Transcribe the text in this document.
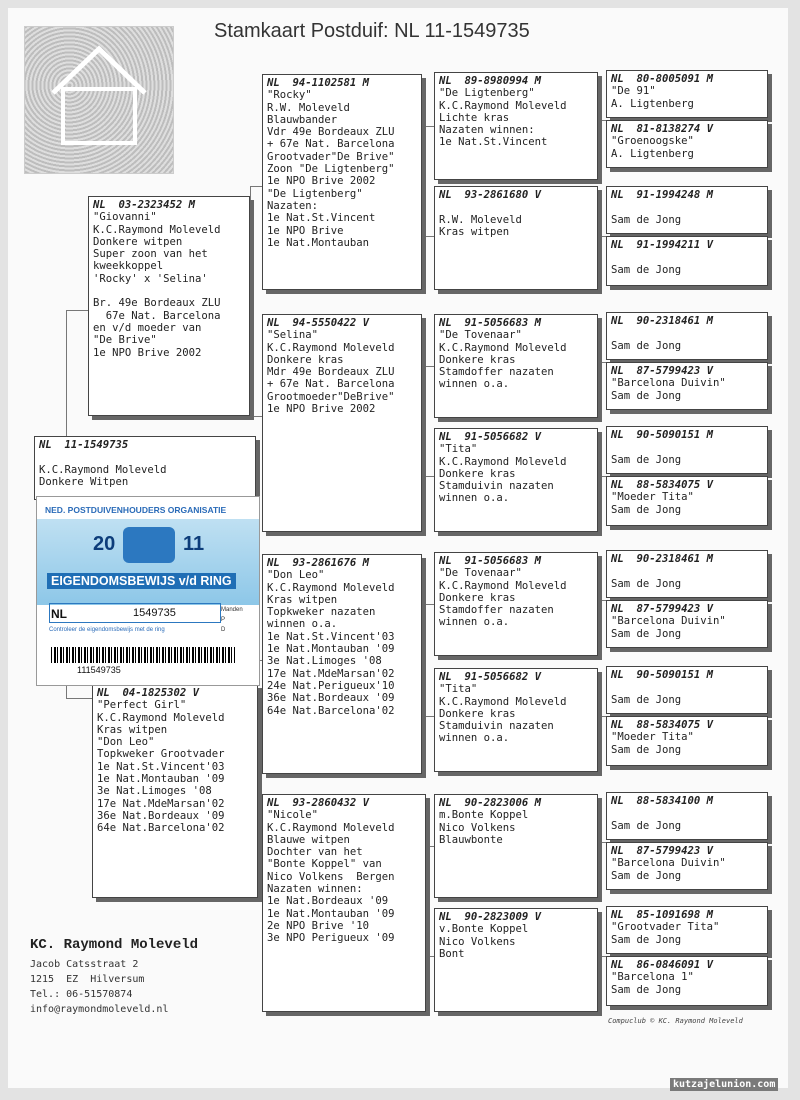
Stamkaart Postduif: NL 11-1549735
NL  11-1549735

K.C.Raymond Moleveld
Donkere Witpen
NL  03-2323452 M
"Giovanni"
K.C.Raymond Moleveld
Donkere witpen
Super zoon van het
kweekkoppel
'Rocky' x 'Selina'

Br. 49e Bordeaux ZLU
67e Nat. Barcelona
en v/d moeder van
"De Brive"
1e NPO Brive 2002
NL  04-1825302 V
"Perfect Girl"
K.C.Raymond Moleveld
Kras witpen
"Don Leo"
Topkweker Grootvader
1e Nat.St.Vincent'03
1e Nat.Montauban '09
3e Nat.Limoges '08
17e Nat.MdeMarsan'02
36e Nat.Bordeaux '09
64e Nat.Barcelona'02
NL  94-1102581 M
"Rocky"
R.W. Moleveld
Blauwbander
Vdr 49e Bordeaux ZLU
+ 67e Nat. Barcelona
Grootvader"De Brive"
Zoon "De Ligtenberg"
1e NPO Brive 2002
"De Ligtenberg"
Nazaten:
1e Nat.St.Vincent
1e NPO Brive
1e Nat.Montauban
NL  94-5550422 V
"Selina"
K.C.Raymond Moleveld
Donkere kras
Mdr 49e Bordeaux ZLU
+ 67e Nat. Barcelona
Grootmoeder"DeBrive"
1e NPO Brive 2002
NL  93-2861676 M
"Don Leo"
K.C.Raymond Moleveld
Kras witpen
Topkweker nazaten
winnen o.a.
1e Nat.St.Vincent'03
1e Nat.Montauban '09
3e Nat.Limoges '08
17e Nat.MdeMarsan'02
24e Nat.Perigueux'10
36e Nat.Bordeaux '09
64e Nat.Barcelona'02
NL  93-2860432 V
"Nicole"
K.C.Raymond Moleveld
Blauwe witpen
Dochter van het
"Bonte Koppel" van
Nico Volkens  Bergen
Nazaten winnen:
1e Nat.Bordeaux '09
1e Nat.Montauban '09
2e NPO Brive '10
3e NPO Perigueux '09
NL  89-8980994 M
"De Ligtenberg"
K.C.Raymond Moleveld
Lichte kras
Nazaten winnen:
1e Nat.St.Vincent
NL  93-2861680 V

R.W. Moleveld
Kras witpen
NL  91-5056683 M
"De Tovenaar"
K.C.Raymond Moleveld
Donkere kras
Stamdoffer nazaten
winnen o.a.
NL  91-5056682 V
"Tita"
K.C.Raymond Moleveld
Donkere kras
Stamduivin nazaten
winnen o.a.
NL  91-5056683 M
"De Tovenaar"
K.C.Raymond Moleveld
Donkere kras
Stamdoffer nazaten
winnen o.a.
NL  91-5056682 V
"Tita"
K.C.Raymond Moleveld
Donkere kras
Stamduivin nazaten
winnen o.a.
NL  90-2823006 M
m.Bonte Koppel
Nico Volkens
Blauwbonte
NL  90-2823009 V
v.Bonte Koppel
Nico Volkens
Bont
NL  80-8005091 M
"De 91"
A. Ligtenberg
NL  81-8138274 V
"Groenoogske"
A. Ligtenberg
NL  91-1994248 M

Sam de Jong
NL  91-1994211 V

Sam de Jong
NL  90-2318461 M

Sam de Jong
NL  87-5799423 V
"Barcelona Duivin"
Sam de Jong
NL  90-5090151 M

Sam de Jong
NL  88-5834075 V
"Moeder Tita"
Sam de Jong
NL  90-2318461 M

Sam de Jong
NL  87-5799423 V
"Barcelona Duivin"
Sam de Jong
NL  90-5090151 M

Sam de Jong
NL  88-5834075 V
"Moeder Tita"
Sam de Jong
NL  88-5834100 M

Sam de Jong
NL  87-5799423 V
"Barcelona Duivin"
Sam de Jong
NL  85-1091698 M
"Grootvader Tita"
Sam de Jong
NL  86-0846091 V
"Barcelona 1"
Sam de Jong
NED. POSTDUIVENHOUDERS ORGANISATIE
20	11
EIGENDOMSBEWIJS v/d RING
NL	1549735	Manden
P
D
Controleer de eigendomsbewijs met de ring
111549735
KC. Raymond Moleveld
Jacob Catsstraat 2
1215  EZ  Hilversum
Tel.: 06-51570874
info@raymondmoleveld.nl
Compuclub © KC. Raymond Moleveld
kutzajelunion.com
